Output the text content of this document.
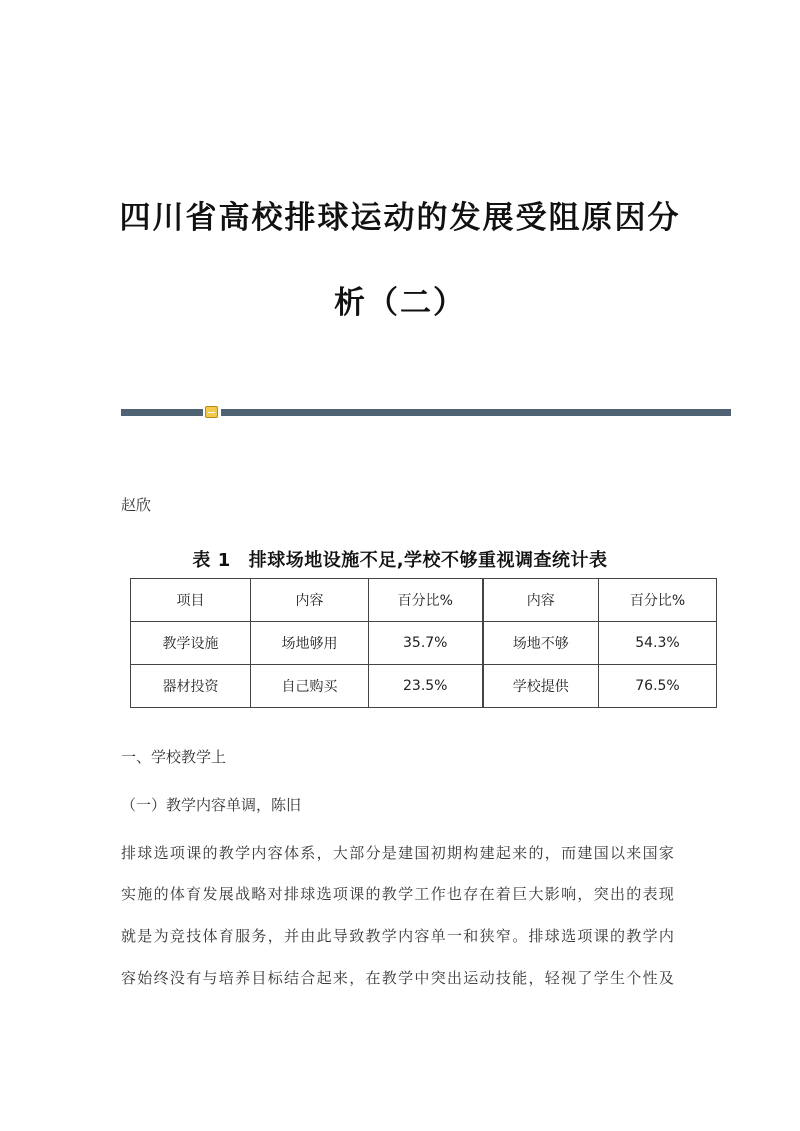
四川省高校排球运动的发展受阻原因分
析（二）
赵欣
表 1 排球场地设施不足,学校不够重视调查统计表
项目	内容	百分比%	内容	百分比%
教学设施	场地够用	35.7%	场地不够	54.3%
器材投资	自己购买	23.5%	学校提供	76.5%
一、学校教学上
（一）教学内容单调，陈旧
排球选项课的教学内容体系，大部分是建国初期构建起来的，而建国以来国家
实施的体育发展战略对排球选项课的教学工作也存在着巨大影响，突出的表现
就是为竞技体育服务，并由此导致教学内容单一和狭窄。排球选项课的教学内
容始终没有与培养目标结合起来，在教学中突出运动技能，轻视了学生个性及
